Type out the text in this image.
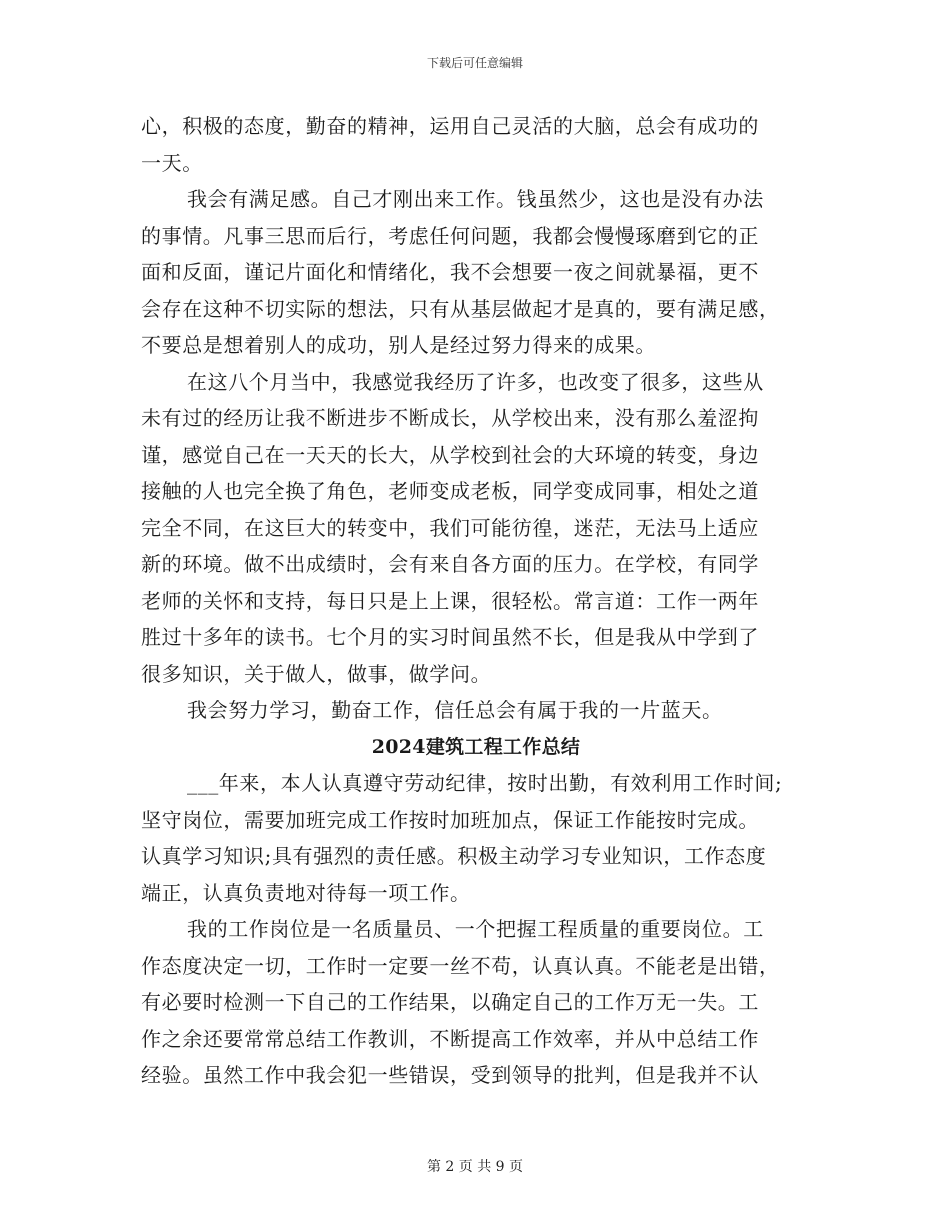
下载后可任意编辑
心，积极的态度，勤奋的精神，运用自己灵活的大脑，总会有成功的
一天。
我会有满足感。自己才刚出来工作。钱虽然少，这也是没有办法
的事情。凡事三思而后行，考虑任何问题，我都会慢慢琢磨到它的正
面和反面，谨记片面化和情绪化，我不会想要一夜之间就暴福，更不
会存在这种不切实际的想法，只有从基层做起才是真的，要有满足感，
不要总是想着别人的成功，别人是经过努力得来的成果。
在这八个月当中，我感觉我经历了许多，也改变了很多，这些从
未有过的经历让我不断进步不断成长，从学校出来，没有那么羞涩拘
谨，感觉自己在一天天的长大，从学校到社会的大环境的转变，身边
接触的人也完全换了角色，老师变成老板，同学变成同事，相处之道
完全不同，在这巨大的转变中，我们可能彷徨，迷茫，无法马上适应
新的环境。做不出成绩时，会有来自各方面的压力。在学校，有同学
老师的关怀和支持，每日只是上上课，很轻松。常言道：工作一两年
胜过十多年的读书。七个月的实习时间虽然不长，但是我从中学到了
很多知识，关于做人，做事，做学问。
我会努力学习，勤奋工作，信任总会有属于我的一片蓝天。
2024建筑工程工作总结
___年来，本人认真遵守劳动纪律，按时出勤，有效利用工作时间;
坚守岗位，需要加班完成工作按时加班加点，保证工作能按时完成。
认真学习知识;具有强烈的责任感。积极主动学习专业知识，工作态度
端正，认真负责地对待每一项工作。
我的工作岗位是一名质量员、一个把握工程质量的重要岗位。工
作态度决定一切，工作时一定要一丝不苟，认真认真。不能老是出错，
有必要时检测一下自己的工作结果，以确定自己的工作万无一失。工
作之余还要常常总结工作教训，不断提高工作效率，并从中总结工作
经验。虽然工作中我会犯一些错误，受到领导的批判，但是我并不认
第 2 页 共 9 页
